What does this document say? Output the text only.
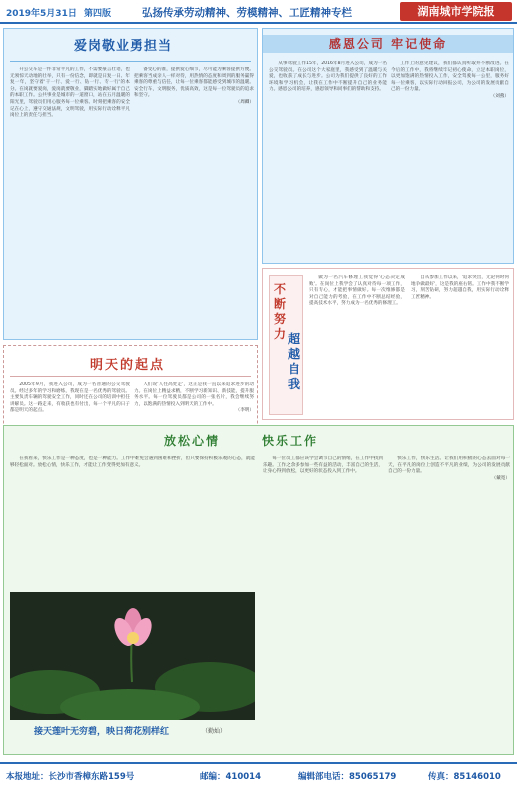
2019年5月31日 第四版	弘扬传承劳动精神、劳模精神、工匠精神专栏	湖南城市学院报
爱岗敬业勇担当

开公交车是一件非常平凡的工作，不需要豪言壮语，也无须惊天动地的壮举，只有一份信念，即就是日复一日、年复一年，坚守着'干一行、爱一行、钻一行、专一行'的本分。在岗就要爱岗，爱岗就要敬业，脚踏实地做好属于自己的本职工作。公共事业是城市的一道窗口，站在五月温暖的阳光里，驾驶员们用心服务每一位乘客。时刻把乘客的安全记在心上，遵守交通法规，文明驾驶，用实际行动诠释平凡岗位上的责任与担当。

备受心的准，提供爱心细节，尽可能为乘客提供方便。把乘客当成亲人一样对待，用热情的态度和周到的服务赢得乘客的尊重与信任，让每一位乘客都能感受到城市的温暖。安全行车，文明服务，优质高效，这是每一位驾驶员的追求和坚守。

（周卿）
感恩公司 牢记使命

从事驾驶工作15年，2016年8月进入公司，成为一名公交驾驶员。在公司这个大家庭里，我感受到了温暖与关爱，也收获了成长与进步。公司为我们提供了良好的工作环境和学习机会，让我在工作中不断提升自己的业务能力。感恩公司的培养，感恩领导和同事们的帮助和支持。

工作上的意见建议，我们都认真听取并不断改进。在今后的工作中，我将继续牢记初心使命，立足本职岗位，以更加饱满的热情投入工作，安全驾驶每一公里，服务好每一位乘客，以实际行动回报公司，为公司的发展贡献自己的一份力量。

（刘燕）
明天的起点

2005年9月，我进入公司，成为一名普通的公交驾驶员。经过多年的学习和磨练，我现在是一名优秀的驾驶员。主要负责车辆的驾驶安全工作，同时还在公司的培训中担任讲解员。这一路走来，有收获也有付出，每一个平凡的日子都是明天的起点。

人们说'人往高处走'，这正是我一直以来追求进步的动力。在岗位上精益求精，不断学习新知识、新技能，提升服务水平。每一位驾驶员都是公司的一张名片，我会继续努力，以饱满的热情投入到明天的工作中。

（李明）
不断努力 超越自我

做为一名汽车修理工我觉得'心态决定成败'。在岗位上我学会了认真对待每一项工作，只有专心，才能把事情做好。每一次维修都是对自己能力的考验，在工作中不断总结经验，提高技术水平，努力成为一名优秀的修理工。

自从参加工作以来，'追求突出，无论何时何地争做最好'，这是我的座右铭。工作中我不断学习，刻苦钻研，努力超越自我，用实际行动诠释工匠精神。

放松心情	快乐工作

在我看来，快乐工作是一种态度，也是一种能力。工作中难免会遇到困难和挫折，但只要保持积极乐观的心态，就能够轻松面对。放松心情，快乐工作，才能让工作变得更加有意义。

接天莲叶无穷碧，映日荷花别样红	（勤灿）

每一位员工都应该学会调节自己的情绪，在工作中找到乐趣。工作之余多参加一些有益的活动，丰富自己的生活，让身心得到放松，以更好的状态投入到工作中。

快乐工作，快乐生活。让我们用积极的心态去面对每一天，在平凡的岗位上创造不平凡的业绩，为公司的发展贡献自己的一份力量。

（戴宽）
本报地址：长沙市香樟东路159号	邮编：410014	编辑部电话：85065179	传真：85146010
